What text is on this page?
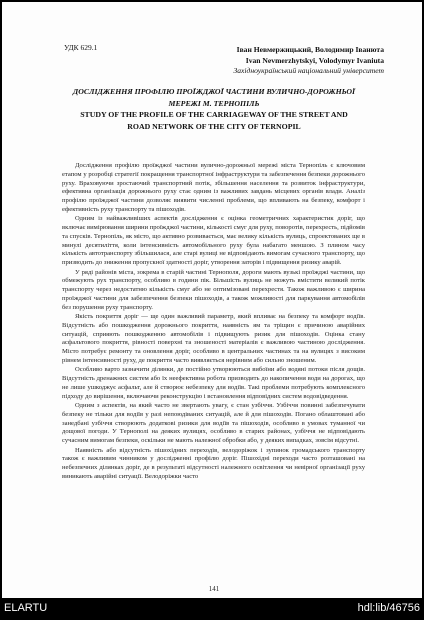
УДК 629.1	Іван Невмержицький, Володимир Іванюта
Ivan Nevmerzhytskyi, Volodymyr Ivaniuta
Західноукраїнський національний університет
ДОСЛІДЖЕННЯ ПРОФІЛЮ ПРОЇЖДЖОЇ ЧАСТИНИ ВУЛИЧНО-ДОРОЖНЬОЇ
МЕРЕЖІ М. ТЕРНОПІЛЬ
STUDY OF THE PROFILE OF THE CARRIAGEWAY OF THE STREET AND
ROAD NETWORK OF THE CITY OF TERNOPIL

Дослідження профілю проїжджої частини вулично-дорожньої мережі міста Тернопіль є ключовим етапом у розробці стратегії покращення транспортної інфраструктури та забезпечення безпеки дорожнього руху. Враховуючи зростаючий транспортний потік, збільшення населення та розвиток інфраструктури, ефективна організація дорожнього руху стає одним із важливих завдань місцевих органів влади. Аналіз профілю проїжджої частини дозволяє виявити численні проблеми, що впливають на безпеку, комфорт і ефективність руху транспорту та пішоходів.

Одним із найважливіших аспектів дослідження є оцінка геометричних характеристик доріг, що включає вимірювання ширини проїжджої частини, кількості смуг для руху, поворотів, перехресть, підйомів та спусків. Тернопіль, як місто, що активно розвивається, має велику кількість вулиць, спроектованих ще в минулі десятиліття, коли інтенсивність автомобільного руху була набагато меншою. З плином часу кількість автотранспорту збільшилася, але старі вулиці не відповідають вимогам сучасного транспорту, що призводить до зниження пропускної здатності доріг, утворення заторів і підвищення ризику аварій.

У ряді районів міста, зокрема в старій частині Тернополя, дороги мають вузькі проїжджі частини, що обмежують рух транспорту, особливо в години пік. Більшість вулиць не можуть вмістити великий потік транспорту через недостатню кількість смуг або не оптимізовані перехрестя. Також важливою є ширина проїжджої частини для забезпечення безпеки пішоходів, а також можливості для паркування автомобілів без порушення руху транспорту.

Якість покриття доріг — ще один важливий параметр, який впливає на безпеку та комфорт водіїв. Відсутність або пошкодження дорожнього покриття, наявність ям та тріщин є причиною аварійних ситуацій, сприяють пошкодженню автомобілів і підвищують ризик для пішоходів. Оцінка стану асфальтового покриття, рівності поверхні та зношеності матеріалів є важливою частиною дослідження. Місто потребує ремонту та оновлення доріг, особливо в центральних частинах та на вулицях з високим рівнем інтенсивності руху, де покриття часто виявляється нерівним або сильно зношеним.

Особливо варто зазначити ділянки, де постійно утворюються вибоїни або водяні потоки після дощів. Відсутність дренажних систем або їх неефективна робота призводить до накопичення води на дорогах, що не лише ушкоджує асфальт, але й створює небезпеку для водіїв. Такі проблеми потребують комплексного підходу до вирішення, включаючи реконструкцію і встановлення відповідних систем водовідведення.

Одним з аспектів, на який часто не звертають увагу, є стан узбіччя. Узбіччя повинні забезпечувати безпеку не тільки для водіїв у разі непоюдіваних ситуацій, але й для пішоходів. Погано облаштовані або занедбані узбіччя створюють додаткові ризики для водіїв та пішоходів, особливо в умовах туманної чи дощової погоди. У Тернополі на деяких вулицях, особливо в старих районах, узбіччя не відповідають сучасним вимогам безпеки, оскільки не мають належної обробки або, у деяких випадках, зовсім відсутні.

Наявність або відсутність пішохідних переходів, велодоріжок і зупинок громадського транспорту також є важливим чинником у дослідженні профілю доріг. Пішохідні переходи часто розташовані на небезпечних ділянках доріг, де в результаті відсутності належного освітлення чи невірної організації руху виникають аварійні ситуації. Велодоріжки часто

141
ELARTU	hdl:lib/46756
